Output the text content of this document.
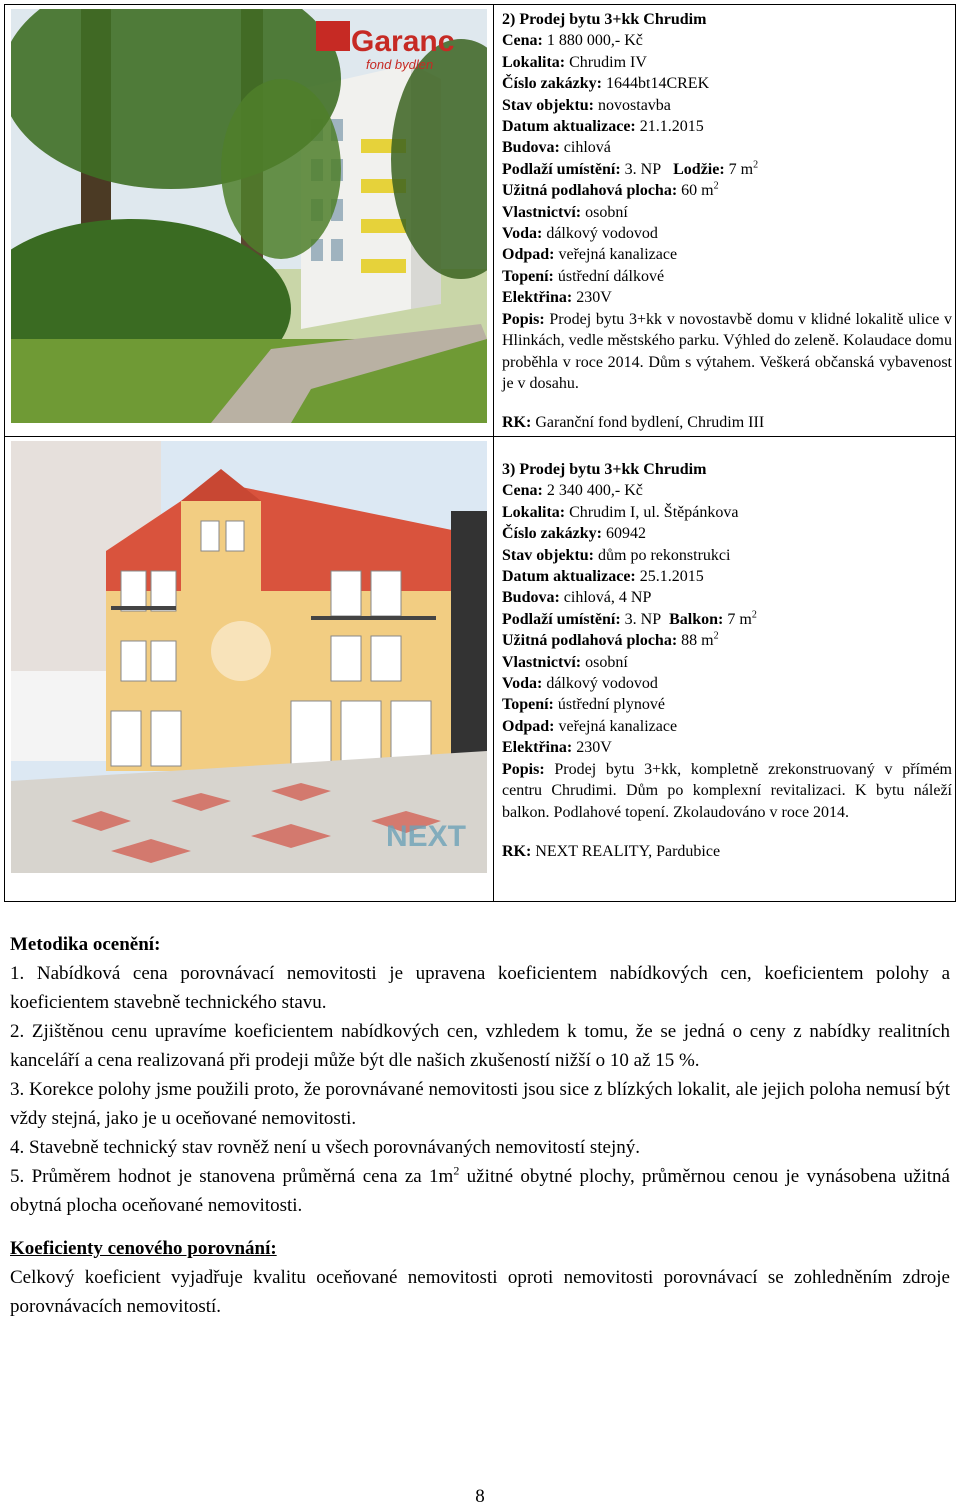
Garanc
fond bydlen
2) Prodej bytu 3+kk Chrudim
Cena: 1 880 000,- Kč
Lokalita: Chrudim IV
Číslo zakázky: 1644bt14CREK
Stav objektu: novostavba
Datum aktualizace: 21.1.2015
Budova: cihlová
Podlaží umístění: 3. NP Lodžie: 7 $m^2$
Užitná podlahová plocha: 60 $m^2$
Vlastnictví: osobní
Voda: dálkový vodovod
Odpad: veřejná kanalizace
Topení: ústřední dálkové
Elektřina: 230V
Popis: Prodej bytu 3+kk v novostavbě domu v klidné lokalitě ulice v Hlinkách, vedle městského parku. Výhled do zeleně. Kolaudace domu proběhla v roce 2014. Dům s výtahem. Veškerá občanská vybavenost je v dosahu.
RK: Garanční fond bydlení, Chrudim III
NEXT
3) Prodej bytu 3+kk Chrudim
Cena: 2 340 400,- Kč
Lokalita: Chrudim I, ul. Štěpánkova
Číslo zakázky: 60942
Stav objektu: dům po rekonstrukci
Datum aktualizace: 25.1.2015
Budova: cihlová, 4 NP
Podlaží umístění: 3. NP Balkon: 7 $m^2$
Užitná podlahová plocha: 88 $m^2$
Vlastnictví: osobní
Voda: dálkový vodovod
Topení: ústřední plynové
Odpad: veřejná kanalizace
Elektřina: 230V
Popis: Prodej bytu 3+kk, kompletně zrekonstruovaný v přímém centru Chrudimi. Dům po komplexní revitalizaci. K bytu náleží balkon. Podlahové topení. Zkolaudováno v roce 2014.
RK: NEXT REALITY, Pardubice
Metodika ocenění:

1. Nabídková cena porovnávací nemovitosti je upravena koeficientem nabídkových cen, koeficientem polohy a koeficientem stavebně technického stavu.

2. Zjištěnou cenu upravíme koeficientem nabídkových cen, vzhledem k tomu, že se jedná o ceny z nabídky realitních kanceláří a cena realizovaná při prodeji může být dle našich zkušeností nižší o 10 až 15 %.

3. Korekce polohy jsme použili proto, že porovnávané nemovitosti jsou sice z blízkých lokalit, ale jejich poloha nemusí být vždy stejná, jako je u oceňované nemovitosti.

4. Stavebně technický stav rovněž není u všech porovnávaných nemovitostí stejný.

5. Průměrem hodnot je stanovena průměrná cena za $1m^2$ užitné obytné plochy, průměrnou cenou je vynásobena užitná obytná plocha oceňované nemovitosti.

Koeficienty cenového porovnání:

Celkový koeficient vyjadřuje kvalitu oceňované nemovitosti oproti nemovitosti porovnávací se zohledněním zdroje porovnávacích nemovitostí.

8
